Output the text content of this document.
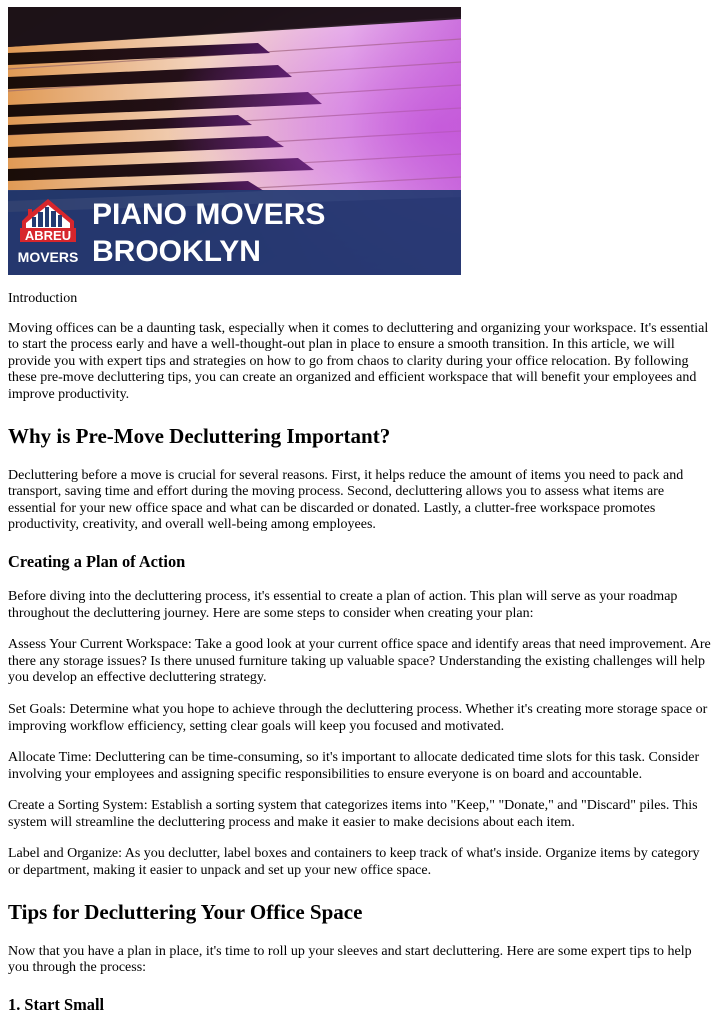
ABREU
MOVERS
PIANO MOVERS
BROOKLYN

Introduction

Moving offices can be a daunting task, especially when it comes to decluttering and organizing your workspace. It's essential to start the process early and have a well-thought-out plan in place to ensure a smooth transition. In this article, we will provide you with expert tips and strategies on how to go from chaos to clarity during your office relocation. By following these pre-move decluttering tips, you can create an organized and efficient workspace that will benefit your employees and improve productivity.

Why is Pre-Move Decluttering Important?

Decluttering before a move is crucial for several reasons. First, it helps reduce the amount of items you need to pack and transport, saving time and effort during the moving process. Second, decluttering allows you to assess what items are essential for your new office space and what can be discarded or donated. Lastly, a clutter-free workspace promotes productivity, creativity, and overall well-being among employees.

Creating a Plan of Action

Before diving into the decluttering process, it's essential to create a plan of action. This plan will serve as your roadmap throughout the decluttering journey. Here are some steps to consider when creating your plan:

Assess Your Current Workspace: Take a good look at your current office space and identify areas that need improvement. Are there any storage issues? Is there unused furniture taking up valuable space? Understanding the existing challenges will help you develop an effective decluttering strategy.

Set Goals: Determine what you hope to achieve through the decluttering process. Whether it's creating more storage space or improving workflow efficiency, setting clear goals will keep you focused and motivated.

Allocate Time: Decluttering can be time-consuming, so it's important to allocate dedicated time slots for this task. Consider involving your employees and assigning specific responsibilities to ensure everyone is on board and accountable.

Create a Sorting System: Establish a sorting system that categorizes items into "Keep," "Donate," and "Discard" piles. This system will streamline the decluttering process and make it easier to make decisions about each item.

Label and Organize: As you declutter, label boxes and containers to keep track of what's inside. Organize items by category or department, making it easier to unpack and set up your new office space.

Tips for Decluttering Your Office Space

Now that you have a plan in place, it's time to roll up your sleeves and start decluttering. Here are some expert tips to help you through the process:

1. Start Small
